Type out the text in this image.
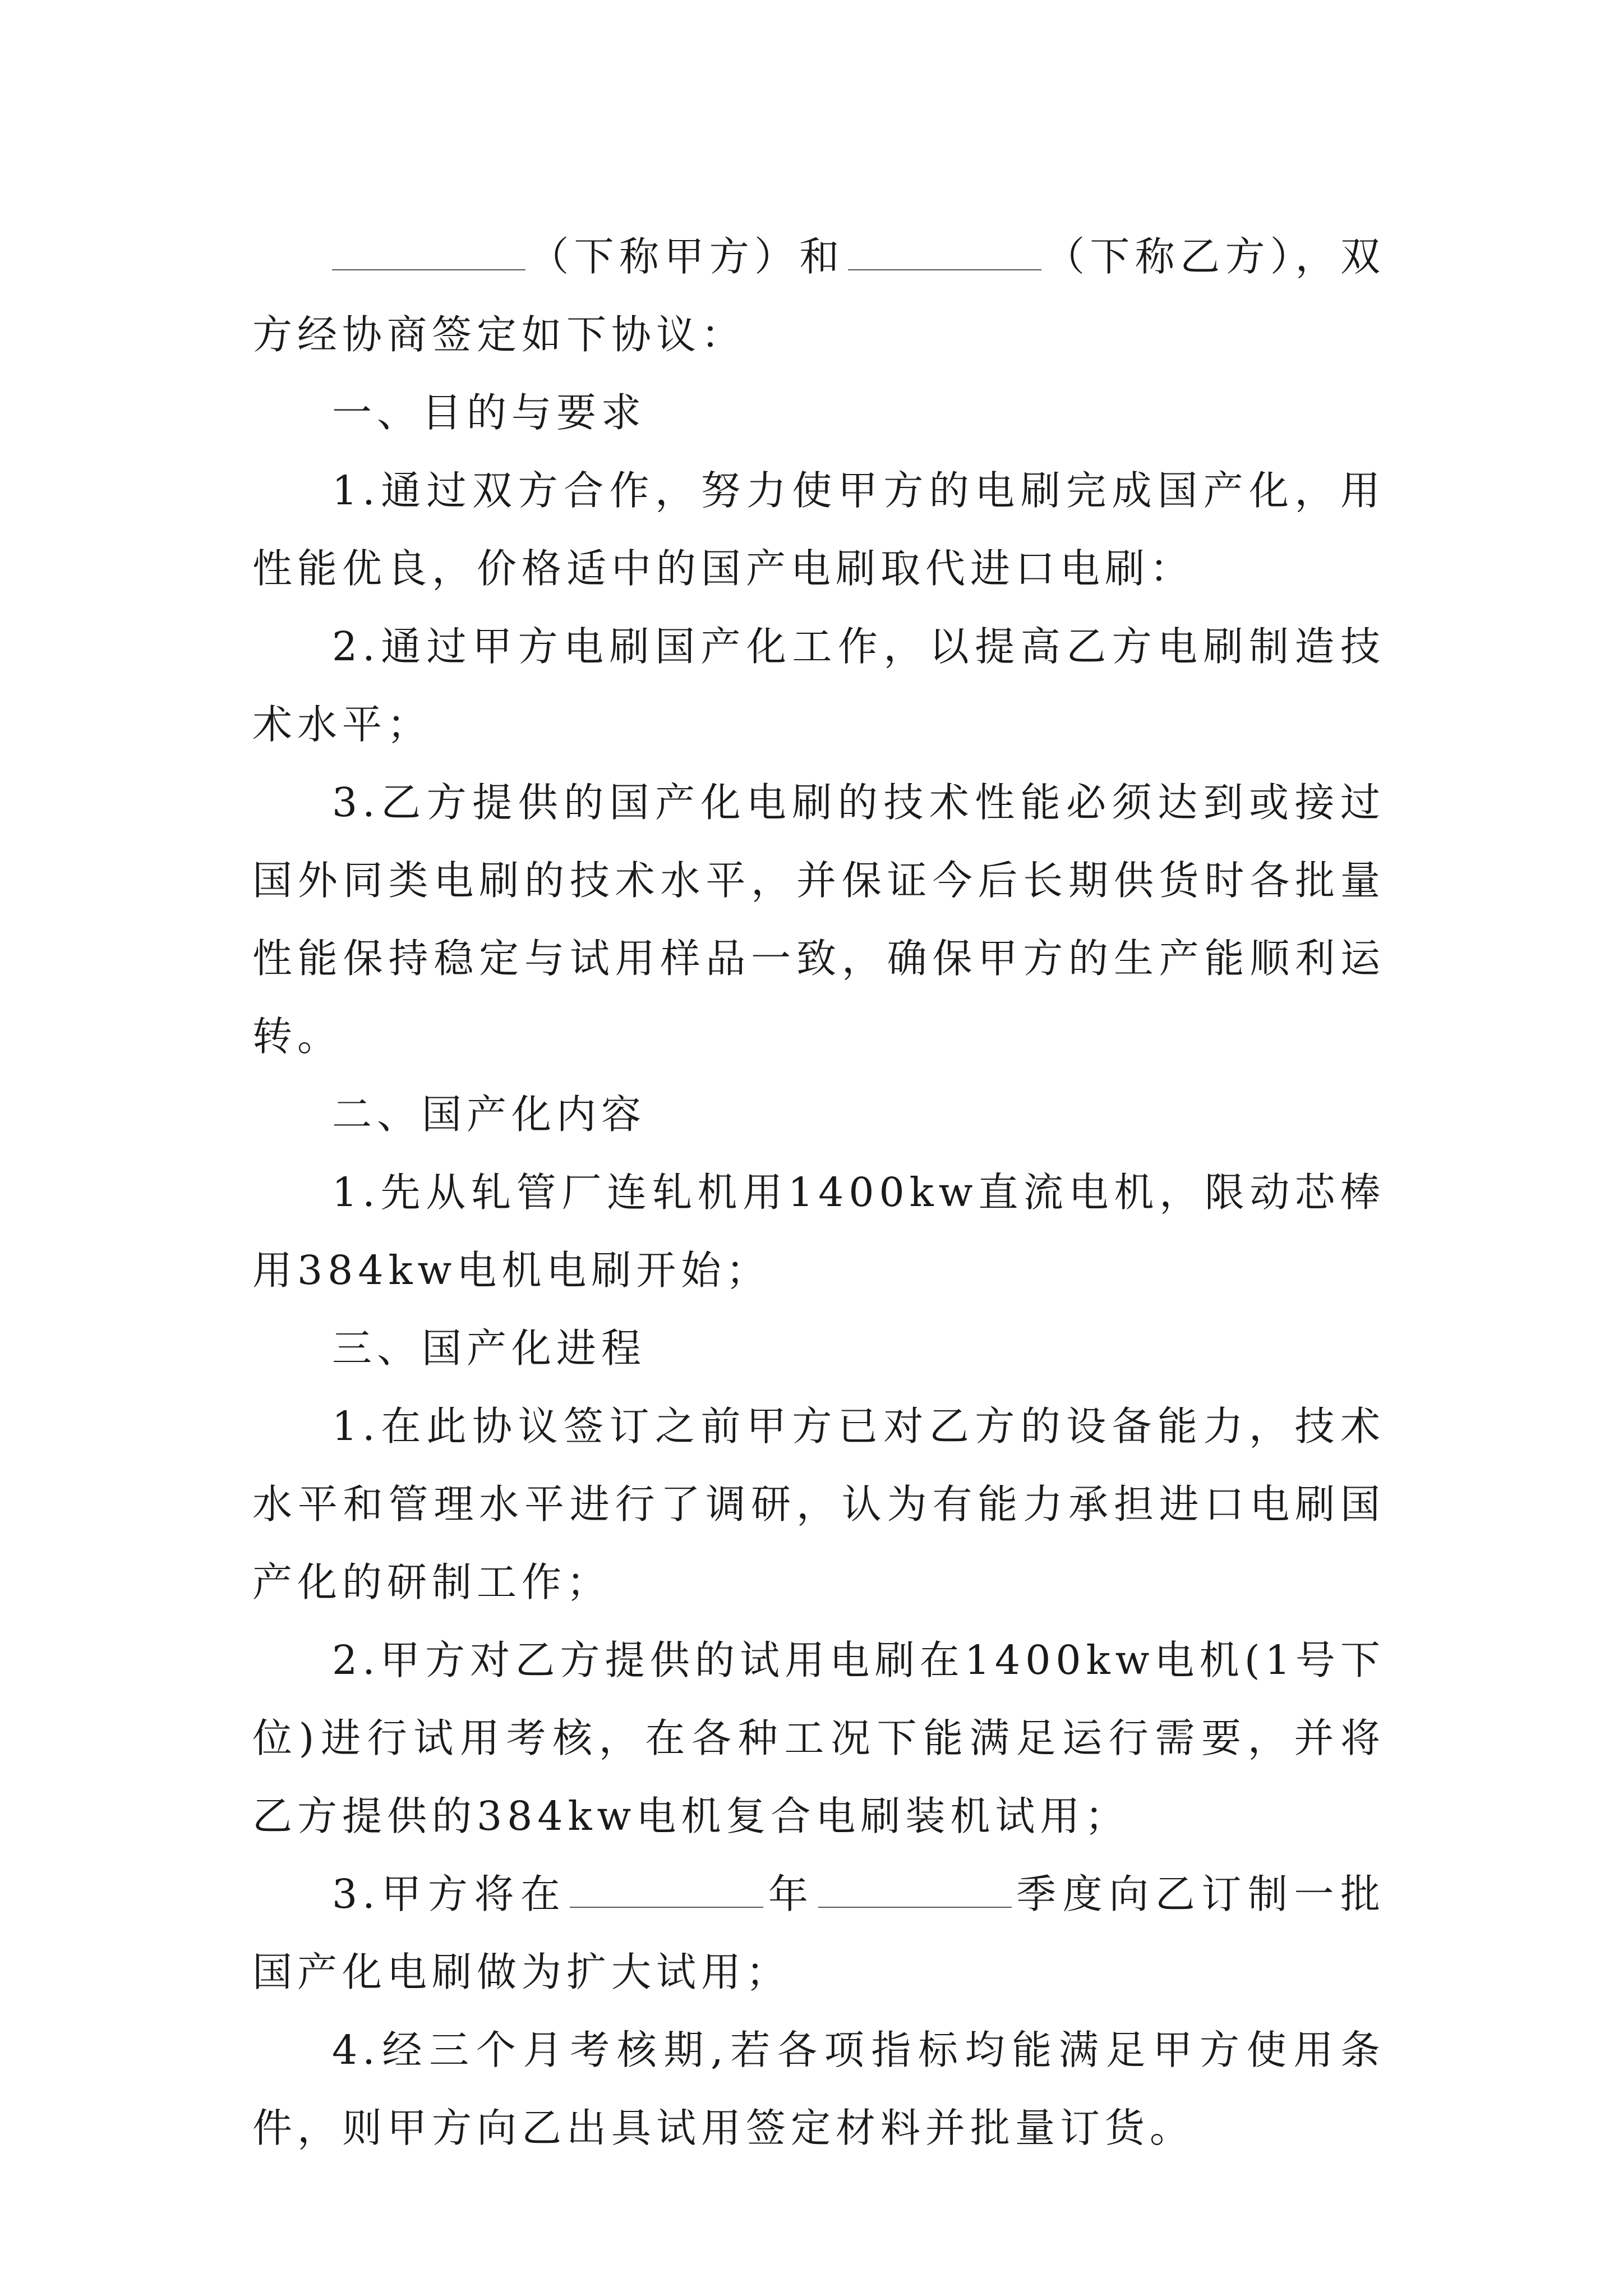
（下称甲方）和	（下称乙方），双方经协商签定如下协议：

一、目的与要求

1.通过双方合作，努力使甲方的电刷完成国产化，用性能优良，价格适中的国产电刷取代进口电刷：

2.通过甲方电刷国产化工作，以提高乙方电刷制造技术水平；

3.乙方提供的国产化电刷的技术性能必须达到或接过国外同类电刷的技术水平，并保证今后长期供货时各批量性能保持稳定与试用样品一致，确保甲方的生产能顺利运转。

二、国产化内容

1.先从轧管厂连轧机用1400kw直流电机，限动芯棒用384kw电机电刷开始；

三、国产化进程

1.在此协议签订之前甲方已对乙方的设备能力，技术水平和管理水平进行了调研，认为有能力承担进口电刷国产化的研制工作；

2.甲方对乙方提供的试用电刷在1400kw电机(1号下位)进行试用考核，在各种工况下能满足运行需要，并将乙方提供的384kw电机复合电刷装机试用；

3.甲方将在	年	季度向乙订制一批国产化电刷做为扩大试用；

4.经三个月考核期,若各项指标均能满足甲方使用条件，则甲方向乙出具试用签定材料并批量订货。
